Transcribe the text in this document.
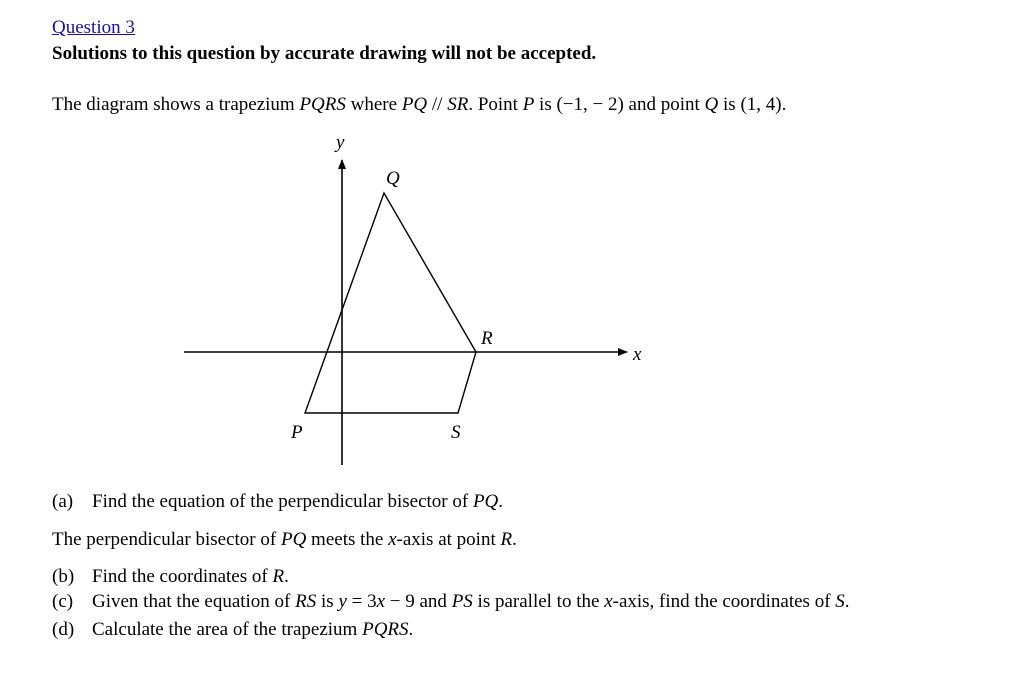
Question 3
Solutions to this question by accurate drawing will not be accepted.
The diagram shows a trapezium PQRS where PQ // SR. Point P is (−1, − 2) and point Q is (1, 4).
y
x
Q
R
P	S
(a) Find the equation of the perpendicular bisector of PQ.
The perpendicular bisector of PQ meets the x-axis at point R.
(b) Find the coordinates of R.
(c) Given that the equation of RS is y = 3x − 9 and PS is parallel to the x-axis, find the coordinates of S.
(d) Calculate the area of the trapezium PQRS.
